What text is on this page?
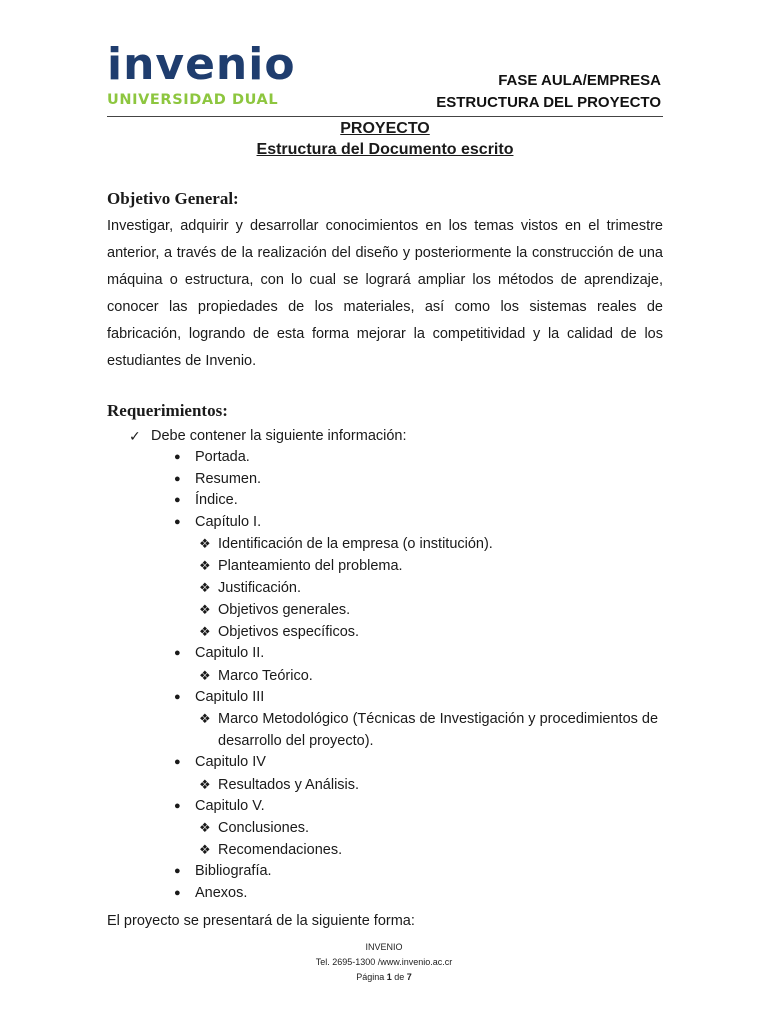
invenio
UNIVERSIDAD DUAL
FASE AULA/EMPRESA
ESTRUCTURA DEL PROYECTO
PROYECTO
Estructura del Documento escrito

Objetivo General:

Investigar, adquirir y desarrollar conocimientos en los temas vistos en el trimestre anterior, a través de la realización del diseño y posteriormente la construcción de una máquina o estructura, con lo cual se logrará ampliar los métodos de aprendizaje, conocer las propiedades de los materiales, así como los sistemas reales de fabricación, logrando de esta forma mejorar la competitividad y la calidad de los estudiantes de Invenio.

Requerimientos:

✓ Debe contener la siguiente información:
● Portada.
● Resumen.
● Índice.
● Capítulo I.
❖ Identificación de la empresa (o institución).
❖ Planteamiento del problema.
❖ Justificación.
❖ Objetivos generales.
❖ Objetivos específicos.
● Capitulo II.
❖ Marco Teórico.
● Capitulo III
❖ Marco Metodológico (Técnicas de Investigación y procedimientos de desarrollo del proyecto).
● Capitulo IV
❖ Resultados y Análisis.
● Capitulo V.
❖ Conclusiones.
❖ Recomendaciones.
● Bibliografía.
● Anexos.
El proyecto se presentará de la siguiente forma:
INVENIO
Tel. 2695-1300 /www.invenio.ac.cr
Página 1 de 7
